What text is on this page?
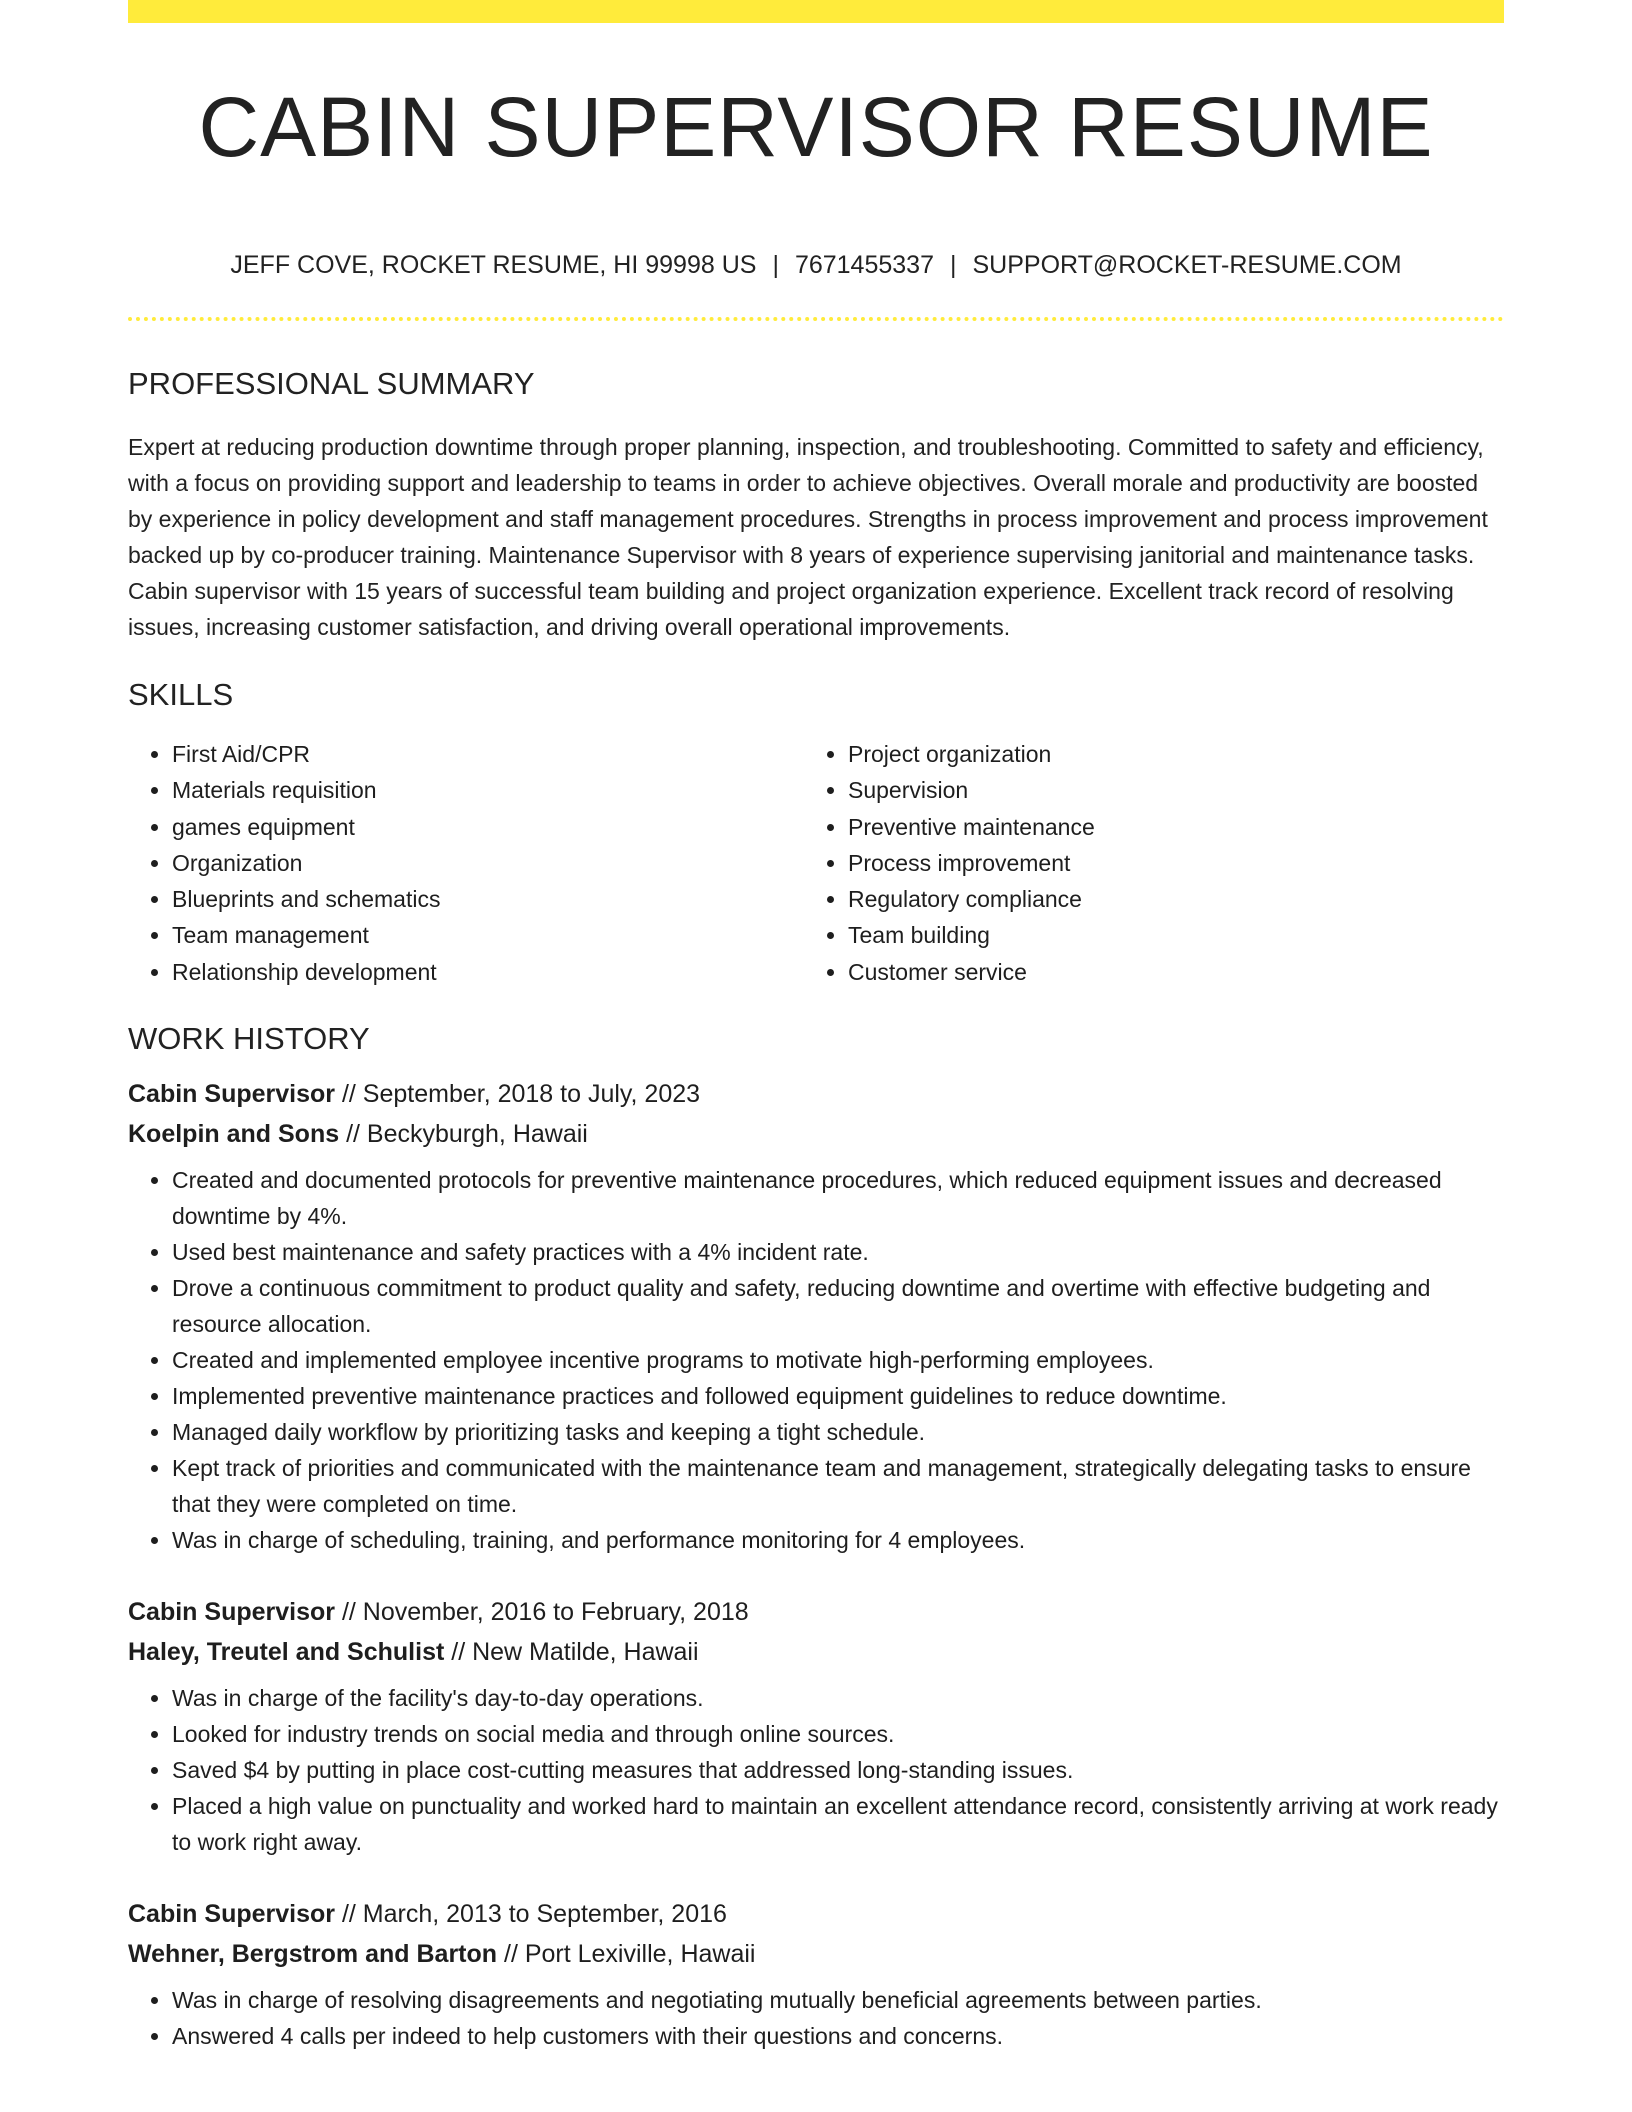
CABIN SUPERVISOR RESUME
JEFF COVE, ROCKET RESUME, HI 99998 US | 7671455337 | SUPPORT@ROCKET-RESUME.COM
PROFESSIONAL SUMMARY

Expert at reducing production downtime through proper planning, inspection, and troubleshooting. Committed to safety and efficiency, with a focus on providing support and leadership to teams in order to achieve objectives. Overall morale and productivity are boosted by experience in policy development and staff management procedures. Strengths in process improvement and process improvement backed up by co-producer training. Maintenance Supervisor with 8 years of experience supervising janitorial and maintenance tasks. Cabin supervisor with 15 years of successful team building and project organization experience. Excellent track record of resolving issues, increasing customer satisfaction, and driving overall operational improvements.

SKILLS
• First Aid/CPR
• Materials requisition
• games equipment
• Organization
• Blueprints and schematics
• Team management
• Relationship development
• Project organization
• Supervision
• Preventive maintenance
• Process improvement
• Regulatory compliance
• Team building
• Customer service
WORK HISTORY
Cabin Supervisor // September, 2018 to July, 2023
Koelpin and Sons // Beckyburgh, Hawaii
• Created and documented protocols for preventive maintenance procedures, which reduced equipment issues and decreased downtime by 4%.
• Used best maintenance and safety practices with a 4% incident rate.
• Drove a continuous commitment to product quality and safety, reducing downtime and overtime with effective budgeting and resource allocation.
• Created and implemented employee incentive programs to motivate high-performing employees.
• Implemented preventive maintenance practices and followed equipment guidelines to reduce downtime.
• Managed daily workflow by prioritizing tasks and keeping a tight schedule.
• Kept track of priorities and communicated with the maintenance team and management, strategically delegating tasks to ensure that they were completed on time.
• Was in charge of scheduling, training, and performance monitoring for 4 employees.
Cabin Supervisor // November, 2016 to February, 2018
Haley, Treutel and Schulist // New Matilde, Hawaii
• Was in charge of the facility's day-to-day operations.
• Looked for industry trends on social media and through online sources.
• Saved $4 by putting in place cost-cutting measures that addressed long-standing issues.
• Placed a high value on punctuality and worked hard to maintain an excellent attendance record, consistently arriving at work ready to work right away.
Cabin Supervisor // March, 2013 to September, 2016
Wehner, Bergstrom and Barton // Port Lexiville, Hawaii
• Was in charge of resolving disagreements and negotiating mutually beneficial agreements between parties.
• Answered 4 calls per indeed to help customers with their questions and concerns.
